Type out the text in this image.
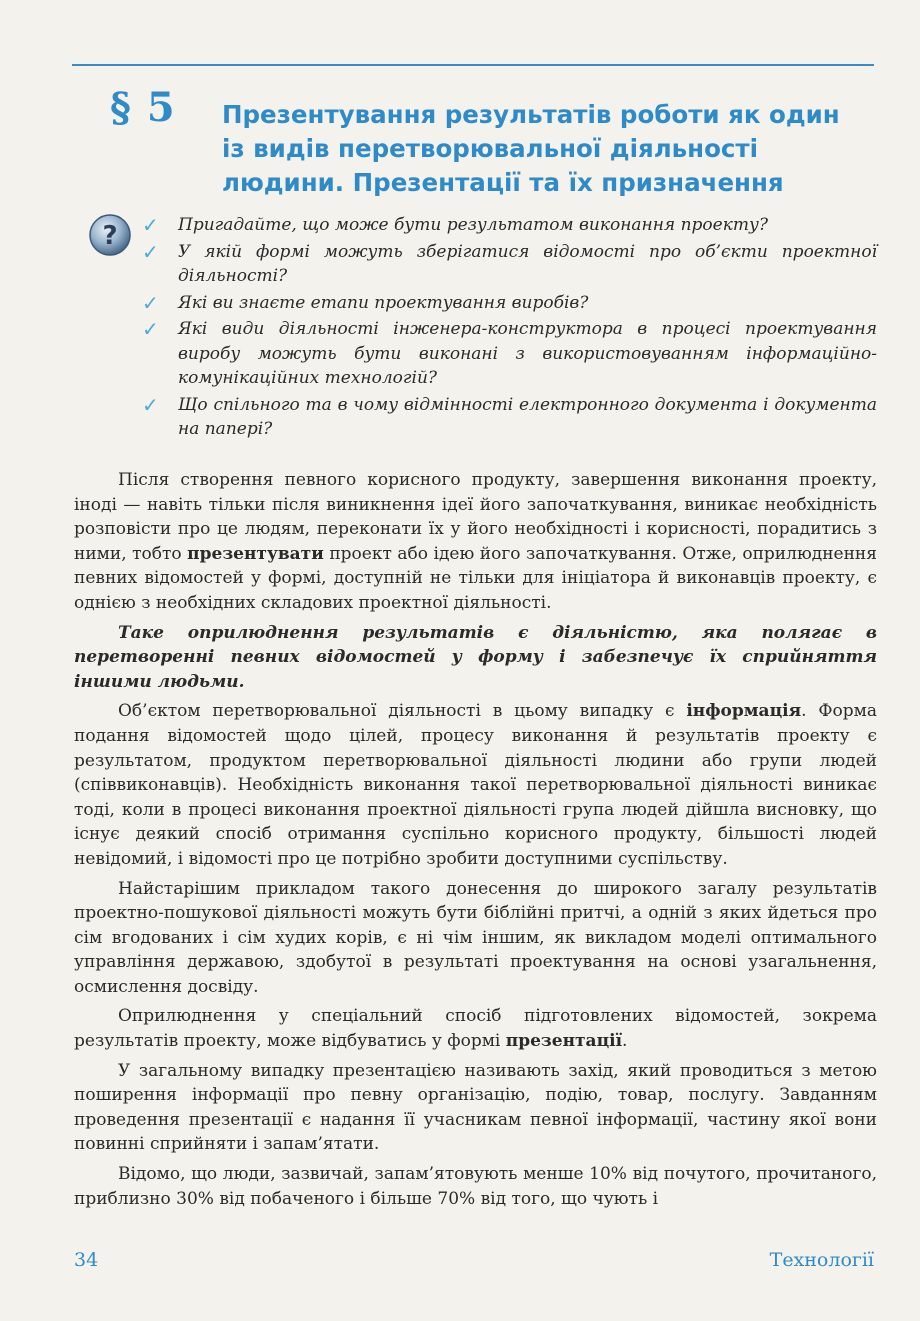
§ 5 Презентування результатів роботи як один із видів перетворювальної діяльності людини. Презентації та їх призначення
? ✓ Пригадайте, що може бути результатом виконання проекту?
✓ У якій формі можуть зберігатися відомості про об’єкти проектної діяльності?
✓ Які ви знаєте етапи проектування виробів?
✓ Які види діяльності інженера-конструктора в процесі проектування виробу можуть бути виконані з використовуванням інформаційно-комунікаційних технологій?
✓ Що спільного та в чому відмінності електронного документа і документа на папері?

Після створення певного корисного продукту, завершення виконання проекту, іноді — навіть тільки після виникнення ідеї його започаткування, виникає необхідність розповісти про це людям, переконати їх у його необхідності і корисності, порадитись з ними, тобто презентувати проект або ідею його започаткування. Отже, оприлюднення певних відомостей у формі, доступній не тільки для ініціатора й виконавців проекту, є однією з необхідних складових проектної діяльності.

Таке оприлюднення результатів є діяльністю, яка полягає в перетворенні певних відомостей у форму і забезпечує їх сприйняття іншими людьми.

Об’єктом перетворювальної діяльності в цьому випадку є інформація. Форма подання відомостей щодо цілей, процесу виконання й результатів проекту є результатом, продуктом перетворювальної діяльності людини або групи людей (співвиконавців). Необхідність виконання такої перетворювальної діяльності виникає тоді, коли в процесі виконання проектної діяльності група людей дійшла висновку, що існує деякий спосіб отримання суспільно корисного продукту, більшості людей невідомий, і відомості про це потрібно зробити доступними суспільству.

Найстарішим прикладом такого донесення до широкого загалу результатів проектно-пошукової діяльності можуть бути біблійні притчі, а одній з яких йдеться про сім вгодованих і сім худих корів, є ні чім іншим, як викладом моделі оптимального управління державою, здобутої в результаті проектування на основі узагальнення, осмислення досвіду.

Оприлюднення у спеціальний спосіб підготовлених відомостей, зокрема результатів проекту, може відбуватись у формі презентації.

У загальному випадку презентацією називають захід, який проводиться з метою поширення інформації про певну організацію, подію, товар, послугу. Завданням проведення презентації є надання її учасникам певної інформації, частину якої вони повинні сприйняти і запам’ятати.

Відомо, що люди, зазвичай, запам’ятовують менше 10% від почутого, прочитаного, приблизно 30% від побаченого і більше 70% від того, що чують і

34	Технології
